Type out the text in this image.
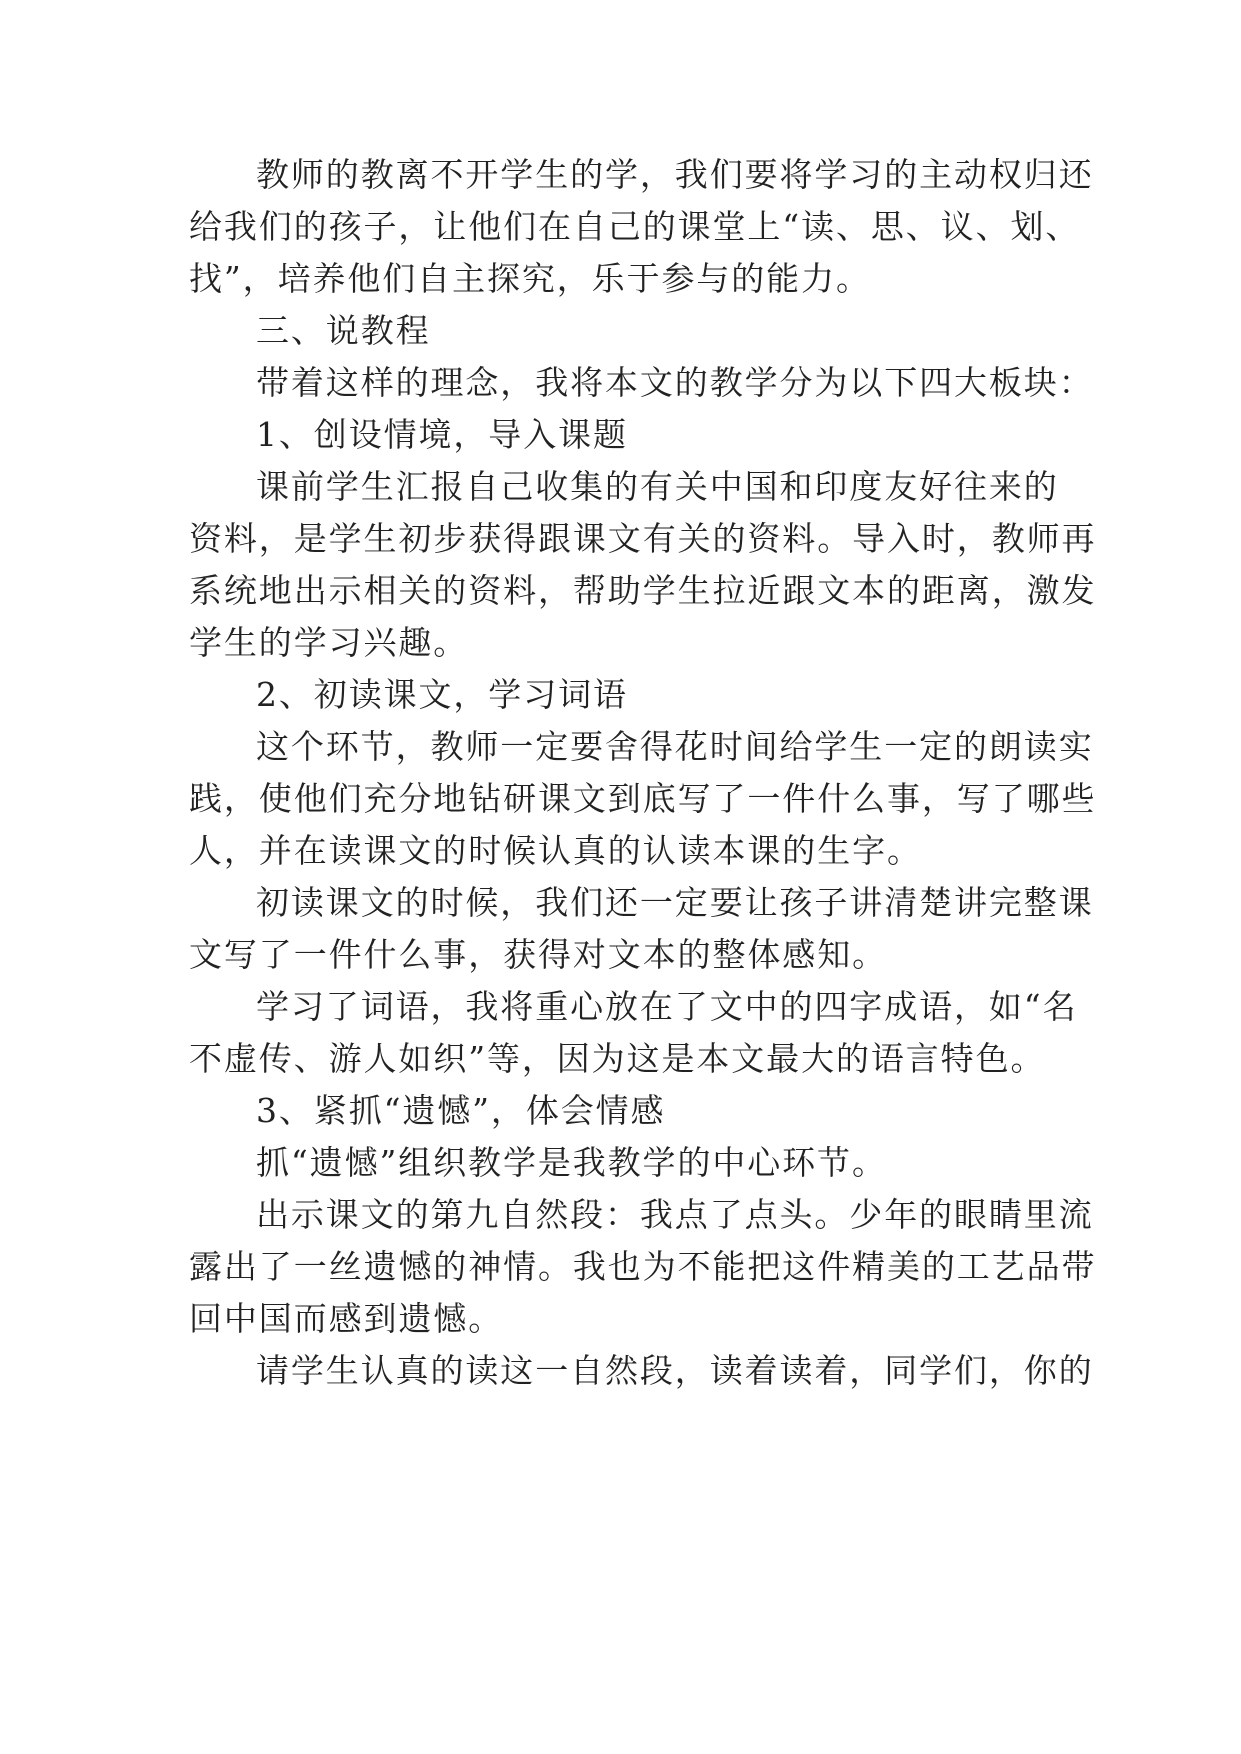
教师的教离不开学生的学，我们要将学习的主动权归还
给我们的孩子，让他们在自己的课堂上“读、思、议、划、
找”，培养他们自主探究，乐于参与的能力。
三、说教程
带着这样的理念，我将本文的教学分为以下四大板块：
1、创设情境，导入课题
课前学生汇报自己收集的有关中国和印度友好往来的
资料，是学生初步获得跟课文有关的资料。导入时，教师再
系统地出示相关的资料，帮助学生拉近跟文本的距离，激发
学生的学习兴趣。
2、初读课文，学习词语
这个环节，教师一定要舍得花时间给学生一定的朗读实
践，使他们充分地钻研课文到底写了一件什么事，写了哪些
人，并在读课文的时候认真的认读本课的生字。
初读课文的时候，我们还一定要让孩子讲清楚讲完整课
文写了一件什么事，获得对文本的整体感知。
学习了词语，我将重心放在了文中的四字成语，如“名
不虚传、游人如织”等，因为这是本文最大的语言特色。
3、紧抓“遗憾”，体会情感
抓“遗憾”组织教学是我教学的中心环节。
出示课文的第九自然段：我点了点头。少年的眼睛里流
露出了一丝遗憾的神情。我也为不能把这件精美的工艺品带
回中国而感到遗憾。
请学生认真的读这一自然段，读着读着，同学们，你的
